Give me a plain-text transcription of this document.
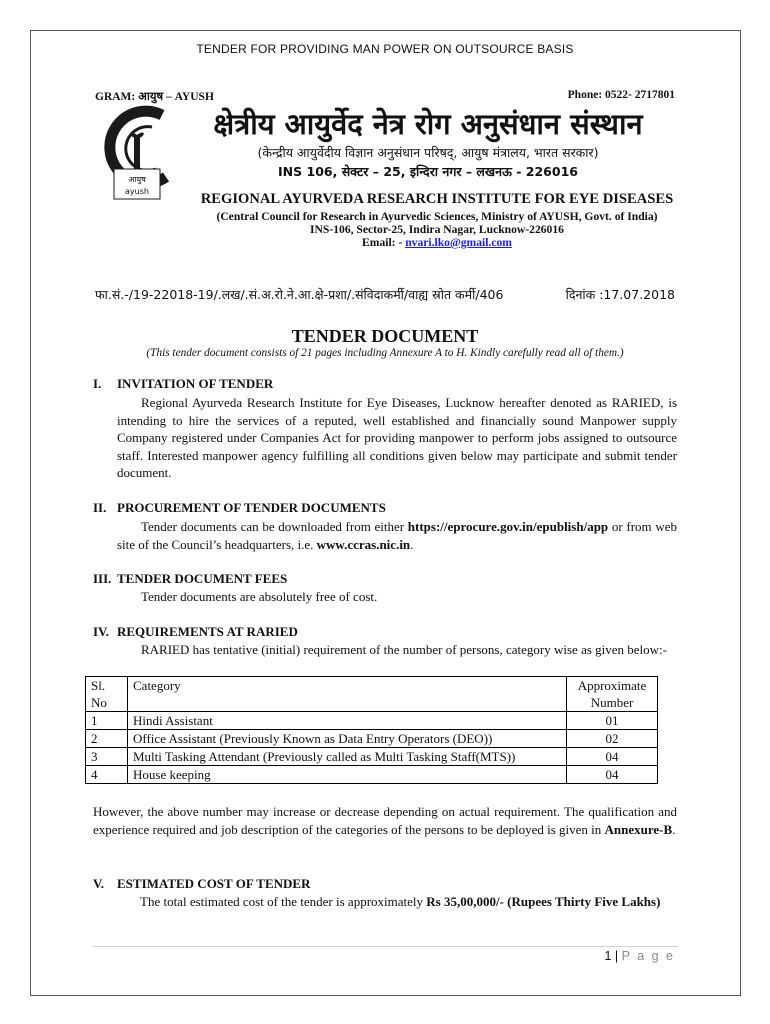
TENDER FOR PROVIDING MAN POWER ON OUTSOURCE BASIS
GRAM: आयुष – AYUSH	Phone: 0522- 2717801
आयुष
ayush
क्षेत्रीय आयुर्वेद नेत्र रोग अनुसंधान संस्थान
(केन्द्रीय आयुर्वेदीय विज्ञान अनुसंधान परिषद्, आयुष मंत्रालय, भारत सरकार)
INS 106, सेक्टर – 25, इन्दिरा नगर – लखनऊ - 226016
REGIONAL AYURVEDA RESEARCH INSTITUTE FOR EYE DISEASES
(Central Council for Research in Ayurvedic Sciences, Ministry of AYUSH, Govt. of India)
INS-106, Sector-25, Indira Nagar, Lucknow-226016
Email: - nvari.lko@gmail.com
फा.सं.-/19-22018-19/.लख/.सं.अ.रो.ने.आ.क्षे-प्रशा/.संविदाकर्मी/वाह्य स्रोत कर्मी/406	दिनांक :17.07.2018
TENDER DOCUMENT
(This tender document consists of 21 pages including Annexure A to H. Kindly carefully read all of them.)
I. INVITATION OF TENDER
Regional Ayurveda Research Institute for Eye Diseases, Lucknow hereafter denoted as RARIED, is intending to hire the services of a reputed, well established and financially sound Manpower supply Company registered under Companies Act for providing manpower to perform jobs assigned to outsource staff. Interested manpower agency fulfilling all conditions given below may participate and submit tender document.
II. PROCUREMENT OF TENDER DOCUMENTS
Tender documents can be downloaded from either https://eprocure.gov.in/epublish/app or from web site of the Council’s headquarters, i.e. www.ccras.nic.in.
III. TENDER DOCUMENT FEES
Tender documents are absolutely free of cost.
IV. REQUIREMENTS AT RARIED
RARIED has tentative (initial) requirement of the number of persons, category wise as given below:-
Sl. No	Category	Approximate Number
1	Hindi Assistant	01
2	Office Assistant (Previously Known as Data Entry Operators (DEO))	02
3	Multi Tasking Attendant (Previously called as Multi Tasking Staff(MTS))	04
4	House keeping	04
However, the above number may increase or decrease depending on actual requirement. The qualification and experience required and job description of the categories of the persons to be deployed is given in Annexure-B.
V. ESTIMATED COST OF TENDER
The total estimated cost of the tender is approximately Rs 35,00,000/- (Rupees Thirty Five Lakhs)
1 | P a g e
